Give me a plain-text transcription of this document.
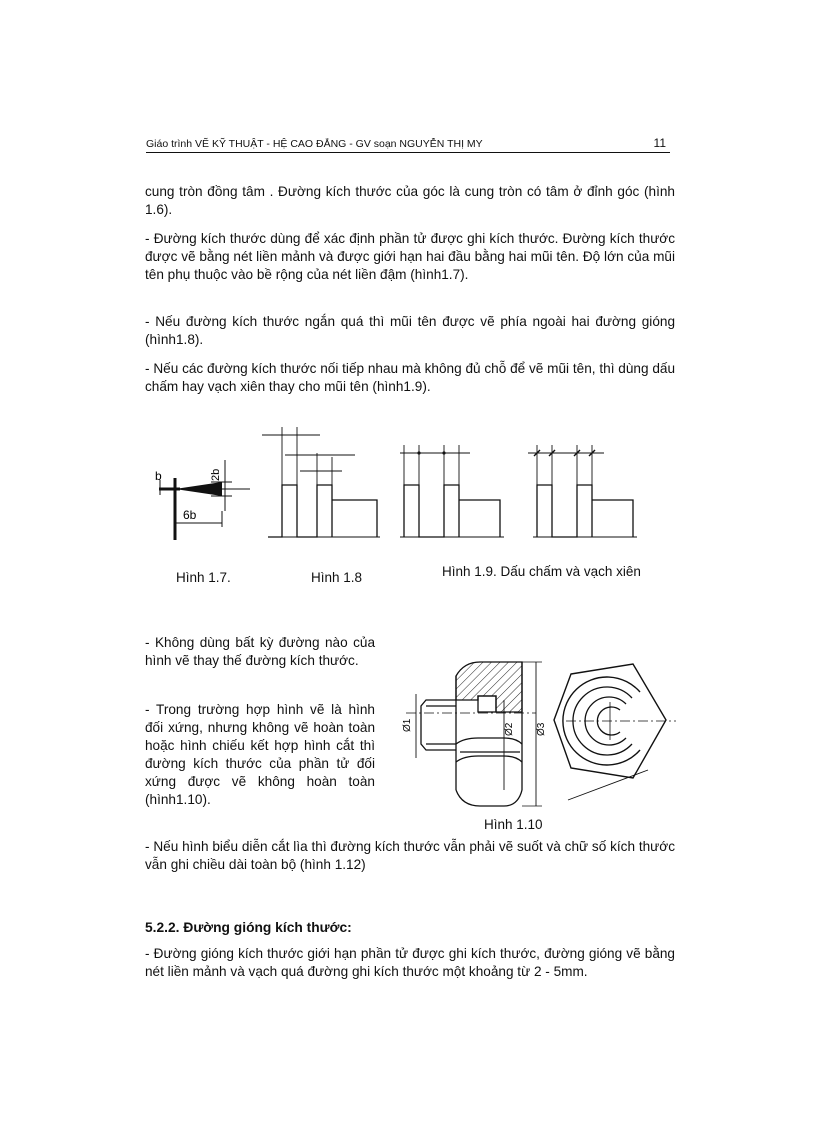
Giáo trình VẼ KỸ THUẬT - HỆ CAO ĐẲNG - GV soạn NGUYỄN THỊ MY	11

cung tròn đồng tâm . Đường kích thước của góc là cung tròn có tâm ở đỉnh góc (hình 1.6).

- Đường kích thước dùng để xác định phần tử được ghi kích thước. Đường kích thước được vẽ bằng nét liền mảnh và được giới hạn hai đầu bằng hai mũi tên. Độ lớn của mũi tên phụ thuộc vào bề rộng của nét liền đậm (hình1.7).

- Nếu đường kích thước ngắn quá thì mũi tên được vẽ phía ngoài hai đường gióng (hình1.8).

- Nếu các đường kích thước nối tiếp nhau mà không đủ chỗ để vẽ mũi tên, thì dùng dấu chấm hay vạch xiên thay cho mũi tên (hình1.9).

b	2b
6b

Hình 1.7.	Hình 1.8	Hình 1.9. Dấu chấm và vạch xiên

- Không dùng bất kỳ đường nào của hình vẽ thay thế đường kích thước.

- Trong trường hợp hình vẽ là hình đối xứng, nhưng không vẽ hoàn toàn hoặc hình chiếu kết hợp hình cắt thì đường kích thước của phần tử đối xứng được vẽ không hoàn toàn (hình1.10).

Ø1	Ø2 Ø3

Hình 1.10

- Nếu hình biểu diễn cắt lìa thì đường kích thước vẫn phải vẽ suốt và chữ số kích thước vẫn ghi chiều dài toàn bộ (hình 1.12)

5.2.2. Đường gióng kích thước:

- Đường gióng kích thước giới hạn phần tử được ghi kích thước, đường gióng vẽ bằng nét liền mảnh và vạch quá đường ghi kích thước một khoảng từ 2 - 5mm.
